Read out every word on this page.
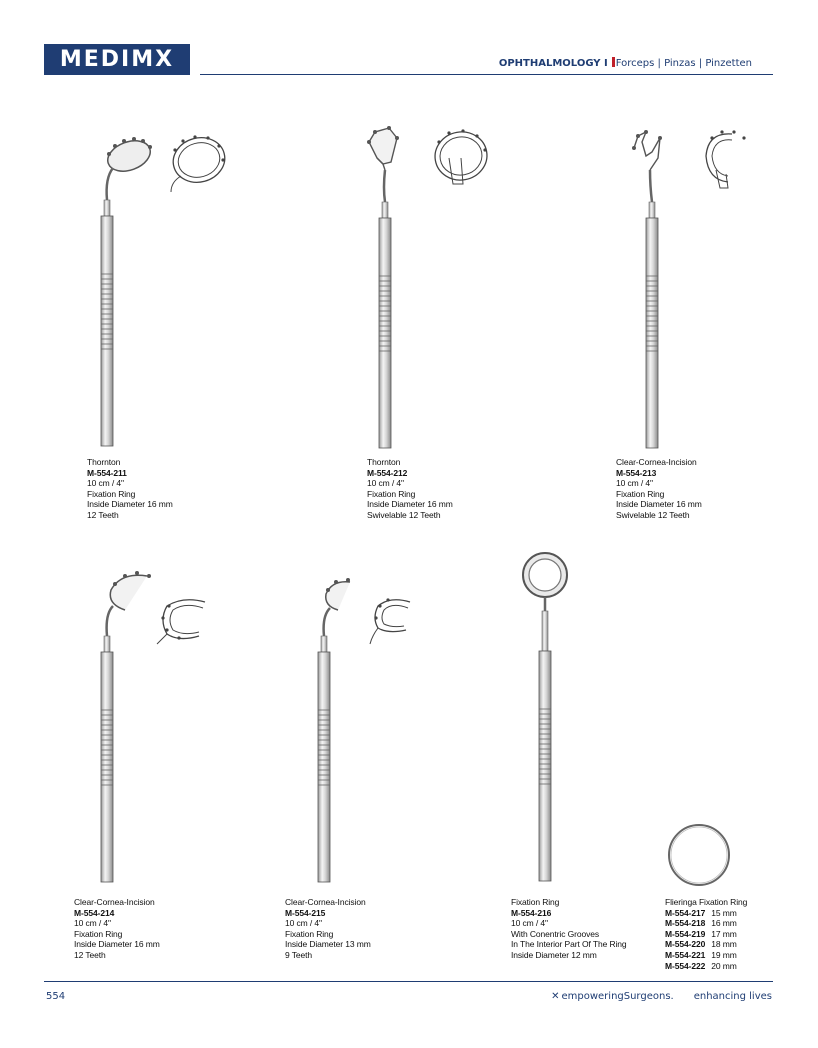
MEDIMX	OPHTHALMOLOGY I Forceps | Pinzas | Pinzetten
Thornton
M-554-211
10 cm / 4"
Fixation Ring
Inside Diameter 16 mm
12 Teeth
Thornton
M-554-212
10 cm / 4"
Fixation Ring
Inside Diameter 16 mm
Swivelable 12 Teeth
Clear-Cornea-Incision
M-554-213
10 cm / 4"
Fixation Ring
Inside Diameter 16 mm
Swivelable 12 Teeth
Clear-Cornea-Incision
M-554-214
10 cm / 4"
Fixation Ring
Inside Diameter 16 mm
12 Teeth
Clear-Cornea-Incision
M-554-215
10 cm / 4"
Fixation Ring
Inside Diameter 13 mm
9 Teeth
Fixation Ring
M-554-216
10 cm / 4"
With Conentric Grooves
In The Interior Part Of The Ring
Inside Diameter 12 mm
Flieringa Fixation Ring
M-554-217 15 mm
M-554-218 16 mm
M-554-219 17 mm
M-554-220 18 mm
M-554-221 19 mm
M-554-222 20 mm
554	✕ empoweringSurgeons. enhancing lives
